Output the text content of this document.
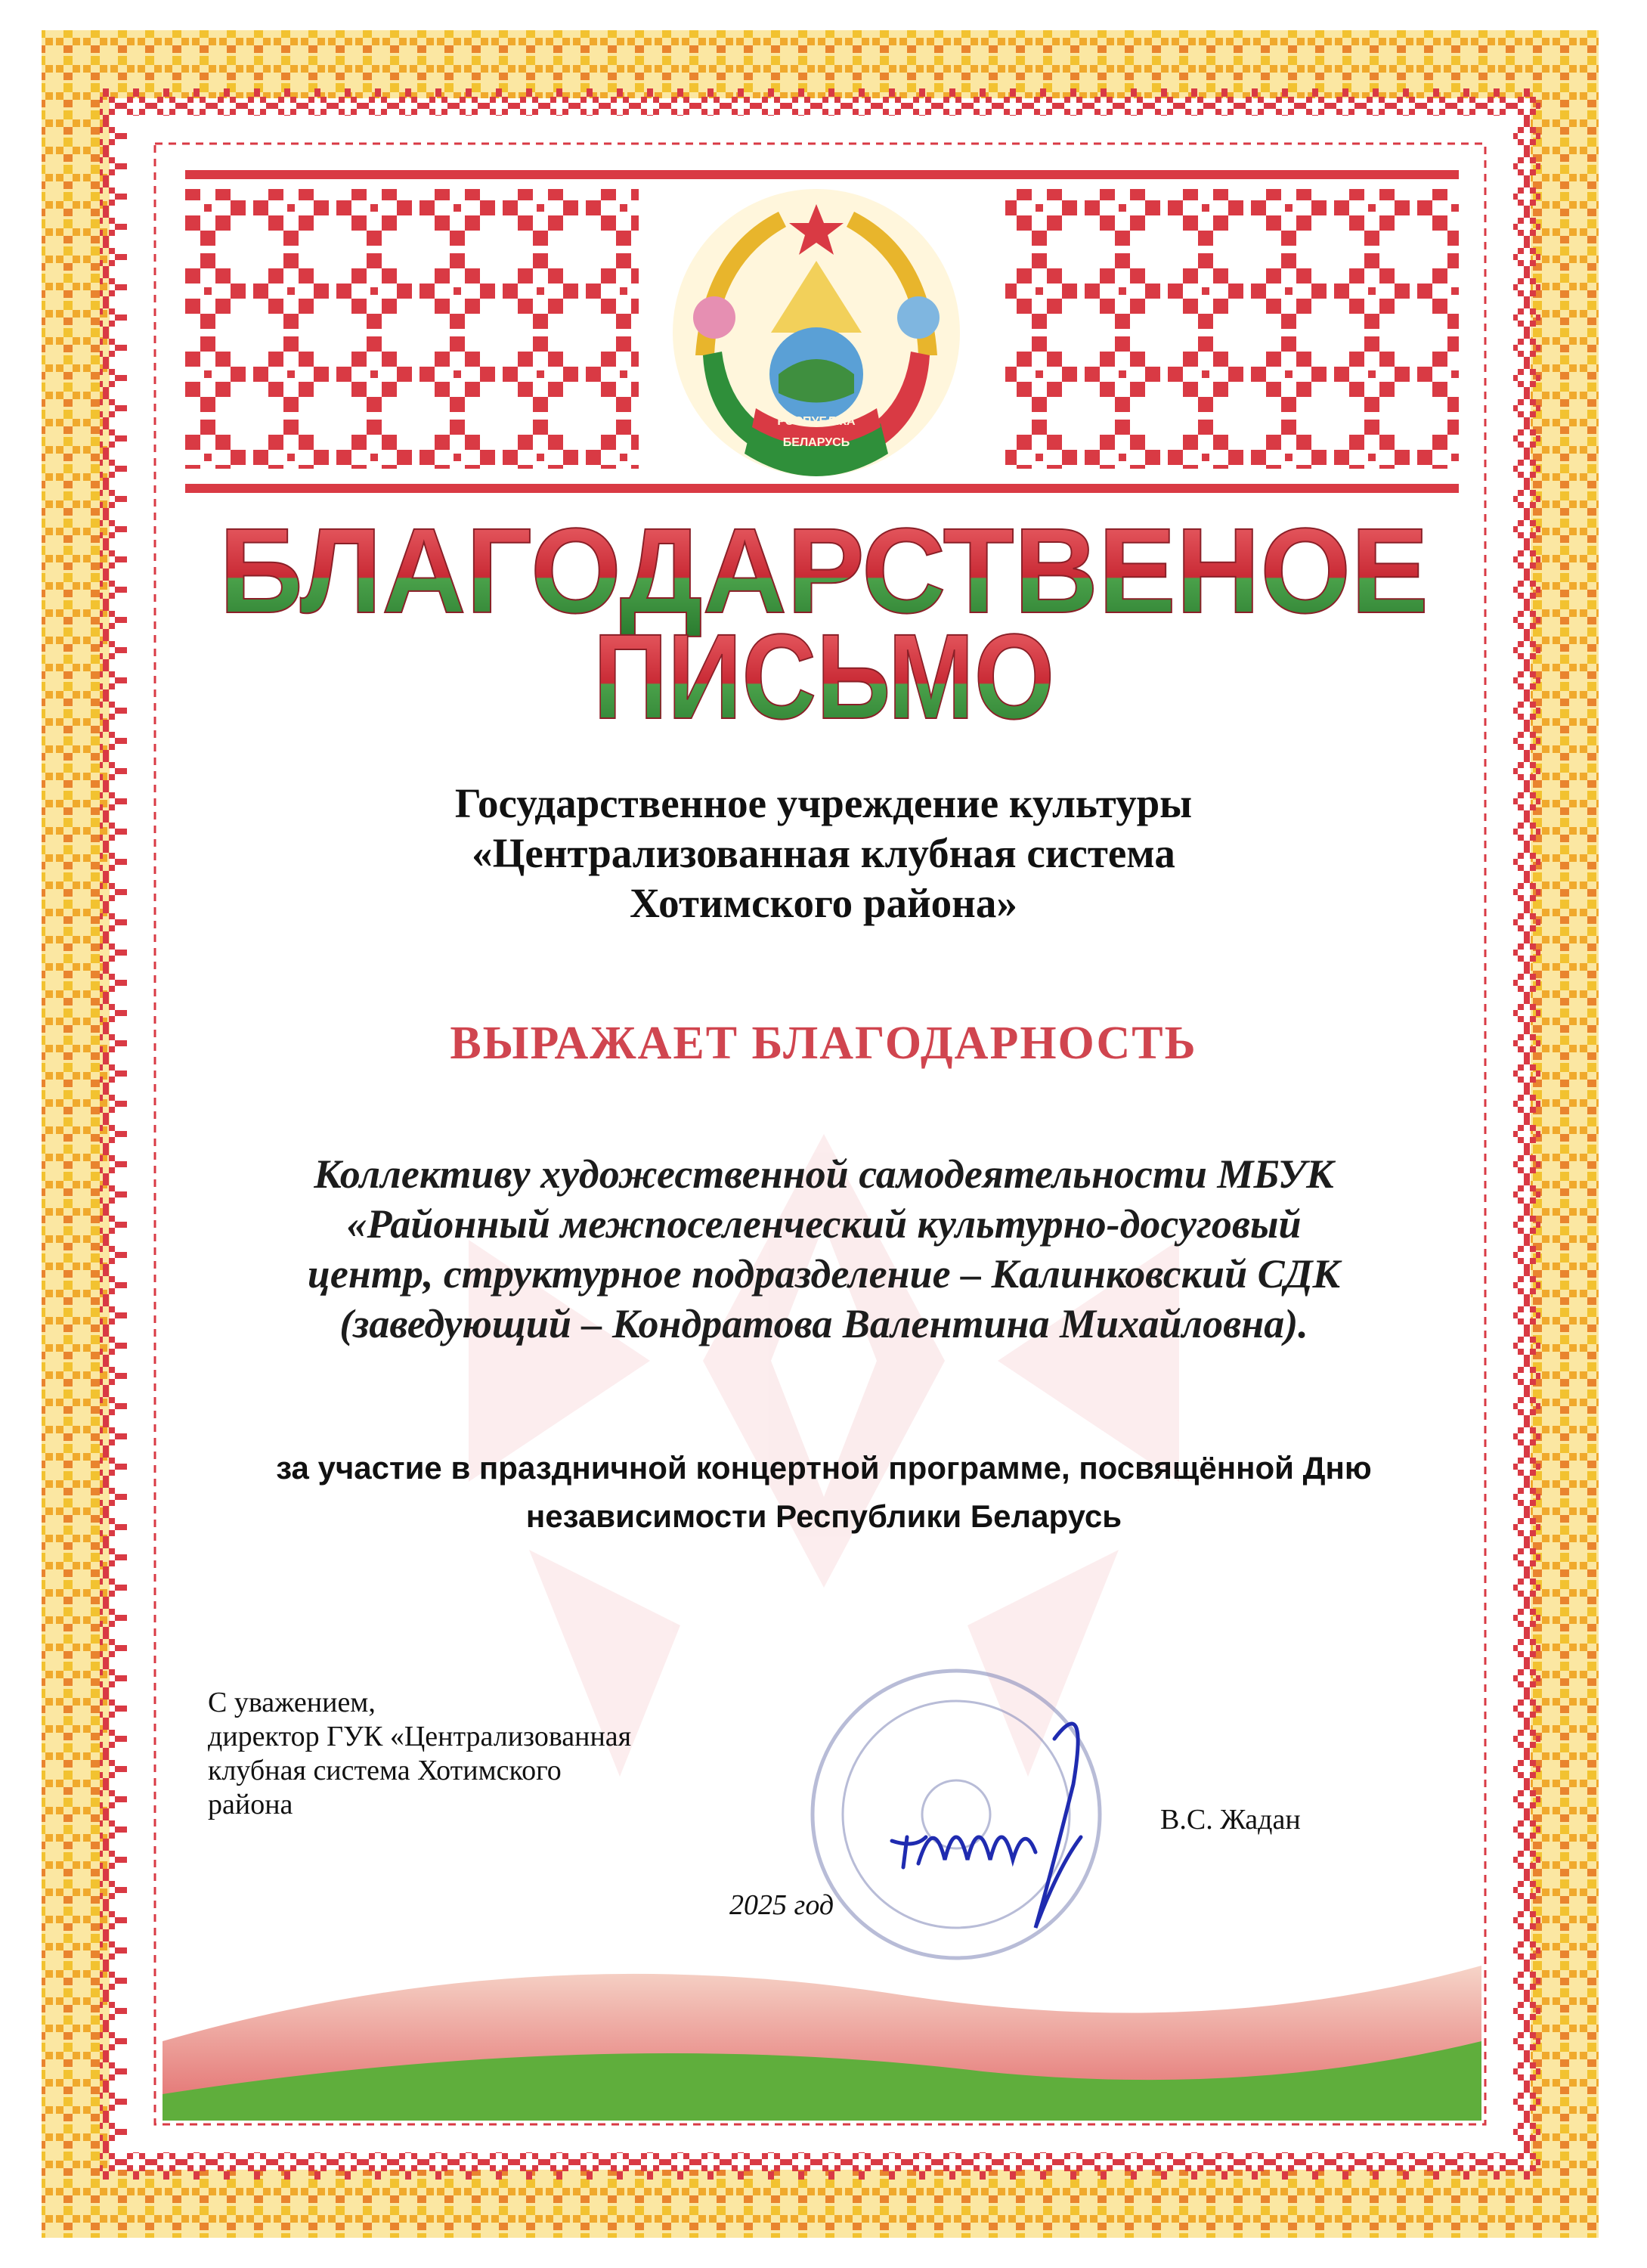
РЭСПУБЛІКА
БЕЛАРУСЬ
БЛАГОДАРСТВЕНОЕ
ПИСЬМО
Государственное учреждение культуры
«Централизованная клубная система
Хотимского района»
ВЫРАЖАЕТ БЛАГОДАРНОСТЬ
Коллективу художественной самодеятельности МБУК
«Районный межпоселенческий культурно-досуговый
центр, структурное подразделение – Калинковский СДК
(заведующий – Кондратова Валентина Михайловна).
за участие в праздничной концертной программе, посвящённой Дню
независимости Республики Беларусь
С уважением,
директор ГУК «Централизованная
клубная система Хотимского
района	В.С. Жадан
2025 год
